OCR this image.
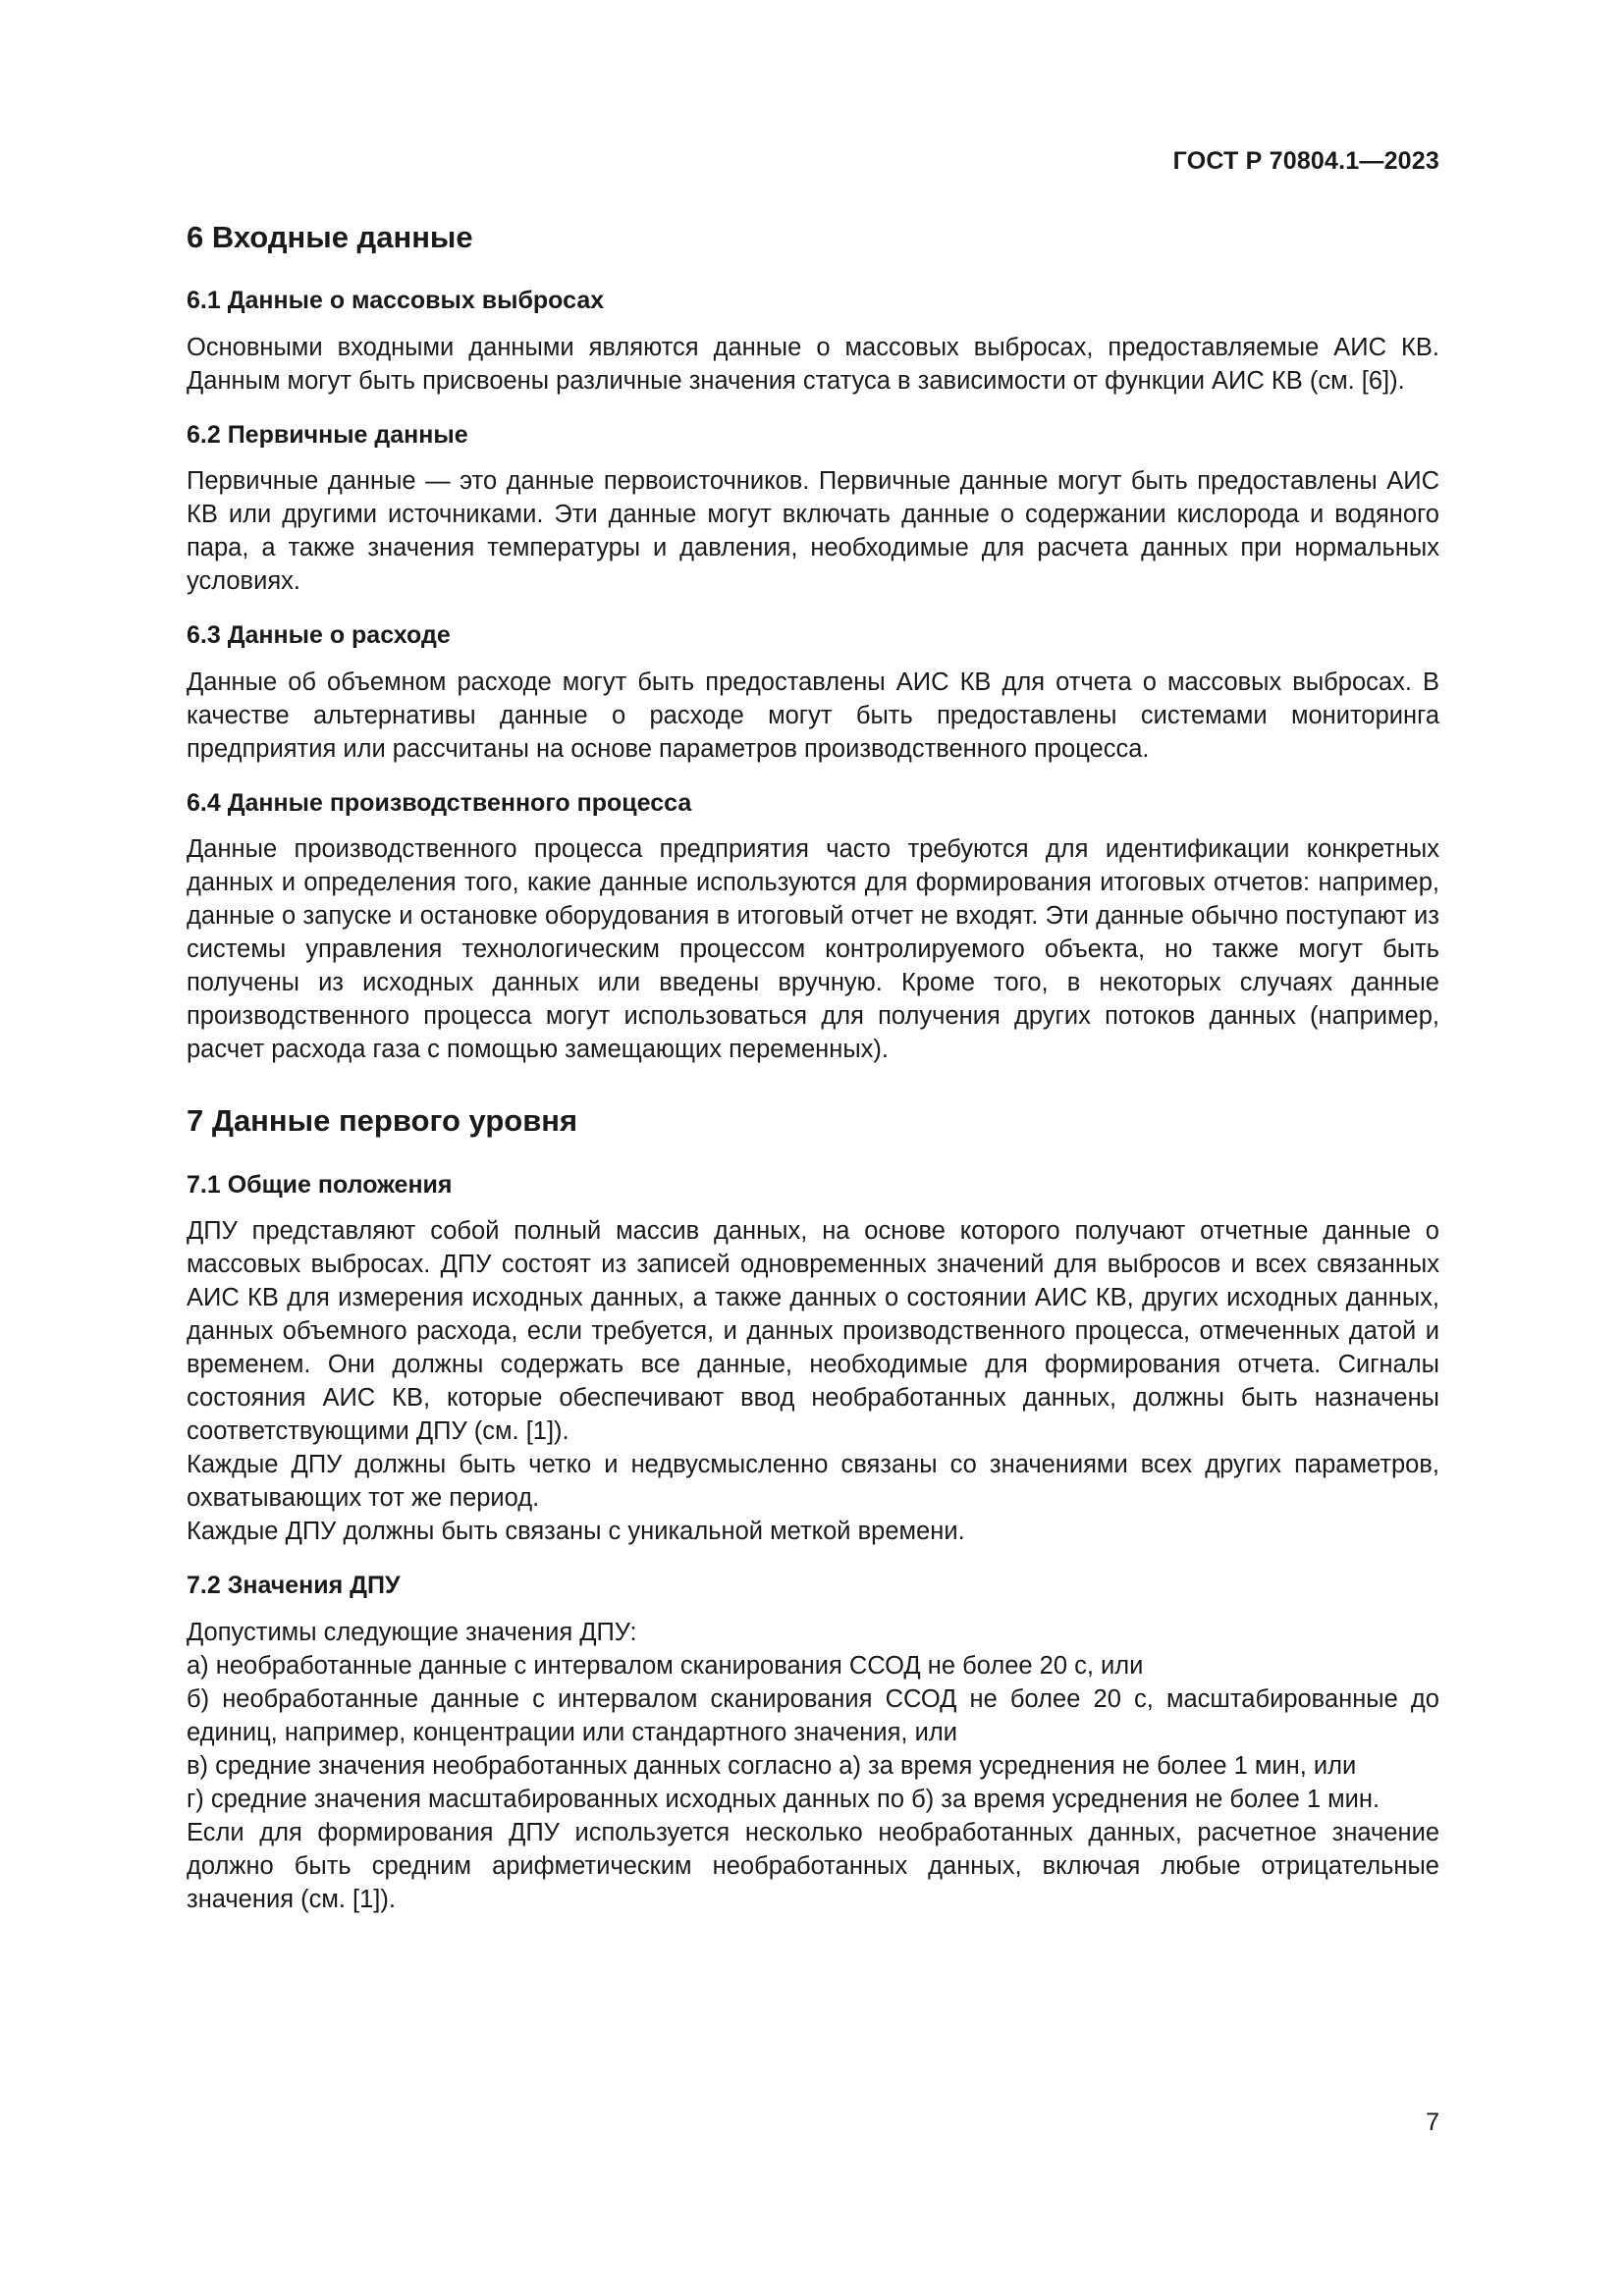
ГОСТ Р 70804.1—2023
6 Входные данные
6.1 Данные о массовых выбросах

Основными входными данными являются данные о массовых выбросах, предоставляемые АИС КВ. Данным могут быть присвоены различные значения статуса в зависимости от функции АИС КВ (см. [6]).

6.2 Первичные данные

Первичные данные — это данные первоисточников. Первичные данные могут быть предоставлены АИС КВ или другими источниками. Эти данные могут включать данные о содержании кислорода и водяного пара, а также значения температуры и давления, необходимые для расчета данных при нормальных условиях.

6.3 Данные о расходе

Данные об объемном расходе могут быть предоставлены АИС КВ для отчета о массовых выбросах. В качестве альтернативы данные о расходе могут быть предоставлены системами мониторинга предприятия или рассчитаны на основе параметров производственного процесса.

6.4 Данные производственного процесса

Данные производственного процесса предприятия часто требуются для идентификации конкретных данных и определения того, какие данные используются для формирования итоговых отчетов: например, данные о запуске и остановке оборудования в итоговый отчет не входят. Эти данные обычно поступают из системы управления технологическим процессом контролируемого объекта, но также могут быть получены из исходных данных или введены вручную. Кроме того, в некоторых случаях данные производственного процесса могут использоваться для получения других потоков данных (например, расчет расхода газа с помощью замещающих переменных).

7 Данные первого уровня
7.1 Общие положения

ДПУ представляют собой полный массив данных, на основе которого получают отчетные данные о массовых выбросах. ДПУ состоят из записей одновременных значений для выбросов и всех связанных АИС КВ для измерения исходных данных, а также данных о состоянии АИС КВ, других исходных данных, данных объемного расхода, если требуется, и данных производственного процесса, отмеченных датой и временем. Они должны содержать все данные, необходимые для формирования отчета. Сигналы состояния АИС КВ, которые обеспечивают ввод необработанных данных, должны быть назначены соответствующими ДПУ (см. [1]).

Каждые ДПУ должны быть четко и недвусмысленно связаны со значениями всех других параметров, охватывающих тот же период.

Каждые ДПУ должны быть связаны с уникальной меткой времени.

7.2 Значения ДПУ

Допустимы следующие значения ДПУ:

а) необработанные данные с интервалом сканирования ССОД не более 20 с, или

б) необработанные данные с интервалом сканирования ССОД не более 20 с, масштабированные до единиц, например, концентрации или стандартного значения, или

в) средние значения необработанных данных согласно а) за время усреднения не более 1 мин, или

г) средние значения масштабированных исходных данных по б) за время усреднения не более 1 мин.

Если для формирования ДПУ используется несколько необработанных данных, расчетное значение должно быть средним арифметическим необработанных данных, включая любые отрицательные значения (см. [1]).

7
